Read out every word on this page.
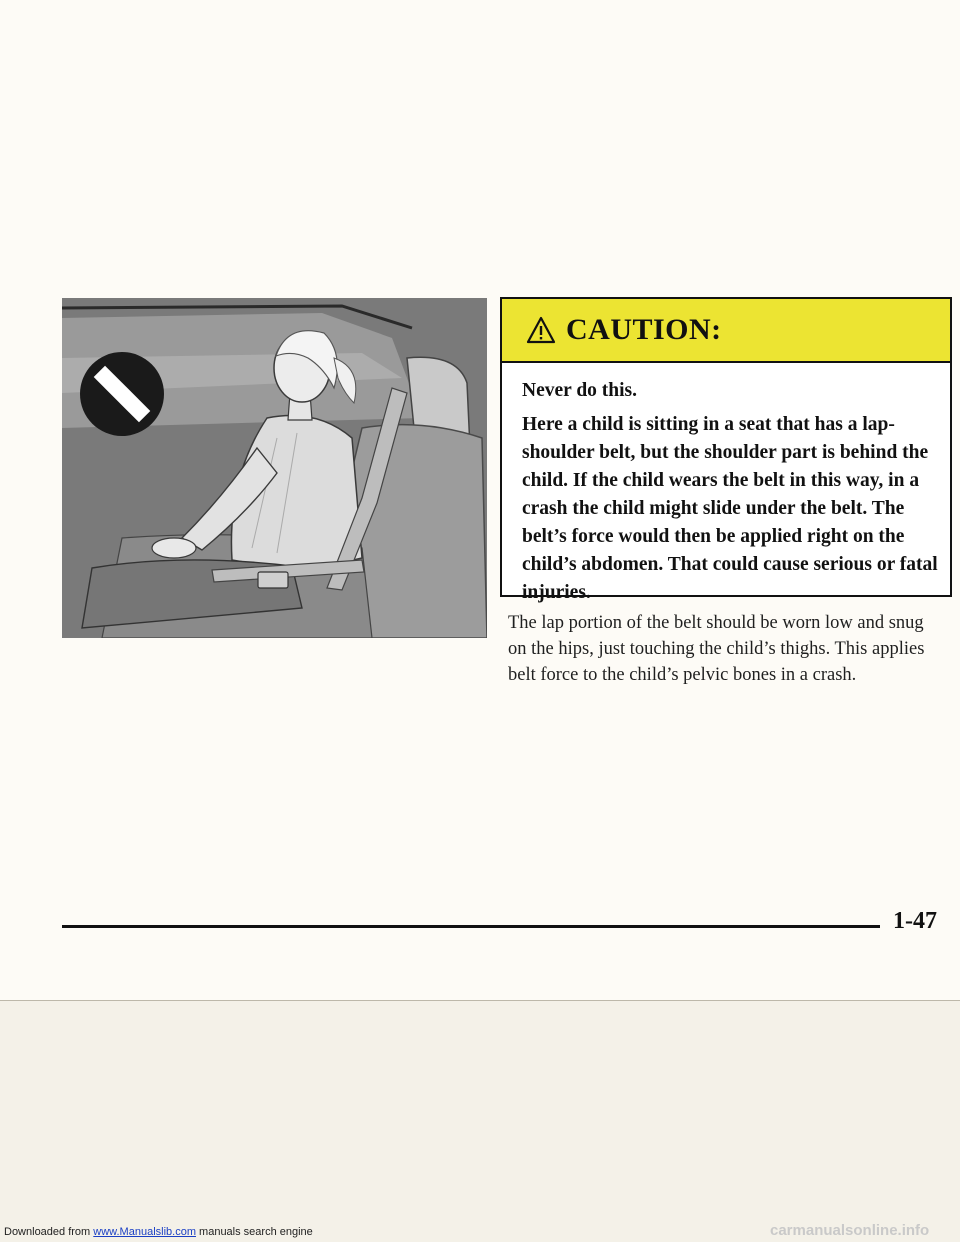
CAUTION:

Never do this.

Here a child is sitting in a seat that has a lap-shoulder belt, but the shoulder part is behind the child. If the child wears the belt in this way, in a crash the child might slide under the belt. The belt’s force would then be applied right on the child’s abdomen. That could cause serious or fatal injuries.

The lap portion of the belt should be worn low and snug on the hips, just touching the child’s thighs. This applies belt force to the child’s pelvic bones in a crash.

1-47
Downloaded from www.Manualslib.com manuals search engine	carmanualsonline.info
